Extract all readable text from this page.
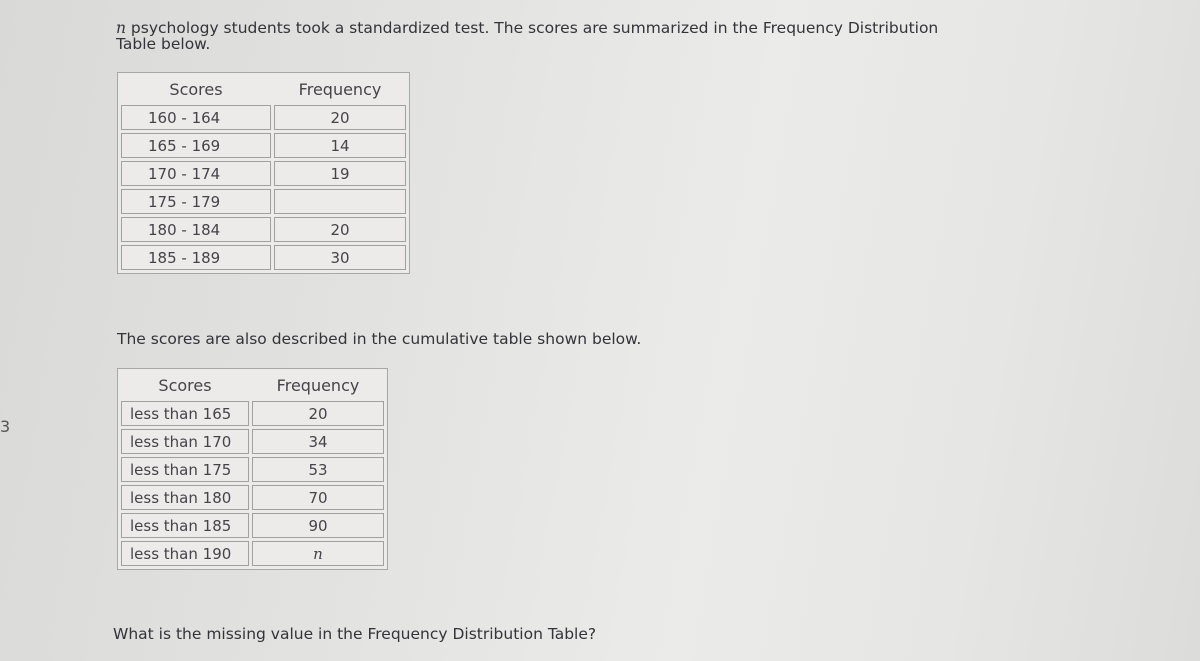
3
n psychology students took a standardized test. The scores are summarized in the Frequency Distribution Table below.
Scores	Frequency
160 - 164	20
165 - 169	14
170 - 174	19
175 - 179	
180 - 184	20
185 - 189	30
The scores are also described in the cumulative table shown below.
Scores	Frequency
less than 165	20
less than 170	34
less than 175	53
less than 180	70
less than 185	90
less than 190	n
What is the missing value in the Frequency Distribution Table?
